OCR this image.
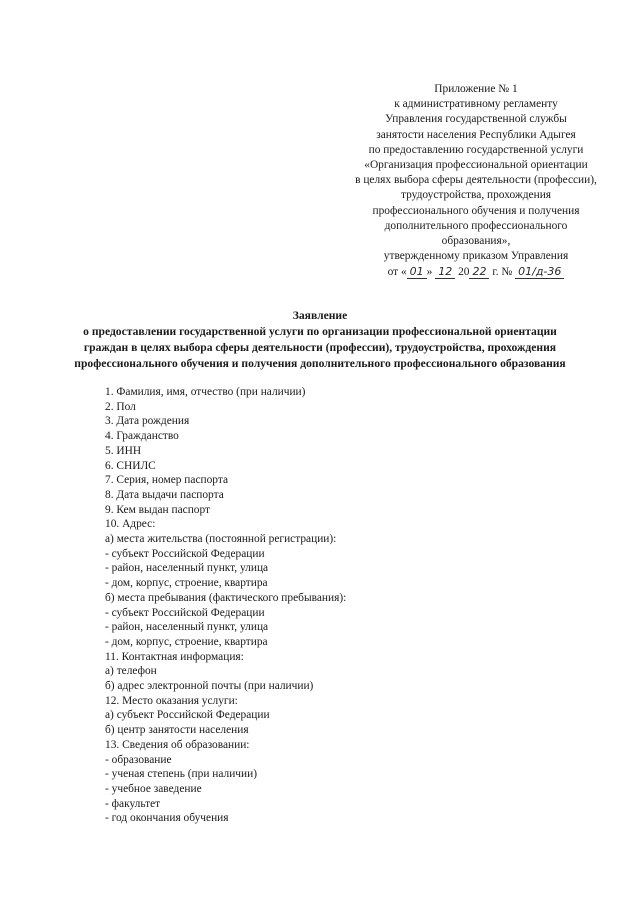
Приложение № 1
к административному регламенту
Управления государственной службы
занятости населения Республики Адыгея
по предоставлению государственной услуги
«Организация профессиональной ориентации
в целях выбора сферы деятельности (профессии),
трудоустройства, прохождения
профессионального обучения и получения
дополнительного профессионального
образования»,
утвержденному приказом Управления
от « 01 » 12 20 22 г. № 01/д-36
Заявление
о предоставлении государственной услуги по организации профессиональной ориентации
граждан в целях выбора сферы деятельности (профессии), трудоустройства, прохождения
профессионального обучения и получения дополнительного профессионального образования
1. Фамилия, имя, отчество (при наличии)
2. Пол
3. Дата рождения
4. Гражданство
5. ИНН
6. СНИЛС
7. Серия, номер паспорта
8. Дата выдачи паспорта
9. Кем выдан паспорт
10. Адрес:
а) места жительства (постоянной регистрации):
- субъект Российской Федерации
- район, населенный пункт, улица
- дом, корпус, строение, квартира
б) места пребывания (фактического пребывания):
- субъект Российской Федерации
- район, населенный пункт, улица
- дом, корпус, строение, квартира
11. Контактная информация:
а) телефон
б) адрес электронной почты (при наличии)
12. Место оказания услуги:
а) субъект Российской Федерации
б) центр занятости населения
13. Сведения об образовании:
- образование
- ученая степень (при наличии)
- учебное заведение
- факультет
- год окончания обучения
